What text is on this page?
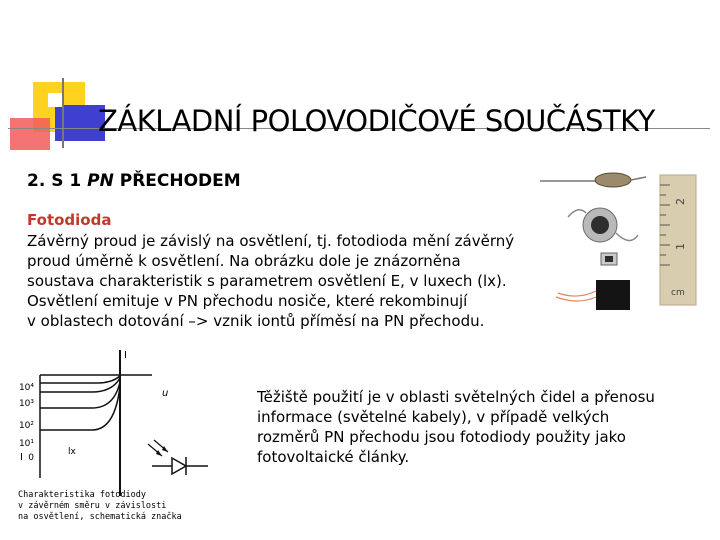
ZÁKLADNÍ POLOVODIČOVÉ SOUČÁSTKY
2. S 1 PN PŘECHODEM
Fotodioda
Závěrný proud je závislý na osvětlení, tj. fotodioda mění závěrný
proud úměrně k osvětlení. Na obrázku dole je znázorněna
soustava charakteristik s parametrem osvětlení E, v luxech (lx).
Osvětlení emituje v PN přechodu nosiče, které rekombinují
v oblastech dotování –> vznik iontů příměsí na PN přechodu.
2
1
cm
10⁴
10³
10²
10¹
0
I
u
I	lx
Charakteristika fotodiody
v závěrném směru v závislosti
na osvětlení, schematická značka
Těžiště použití je v oblasti světelných čidel a přenosu
informace (světelné kabely), v případě velkých
rozměrů PN přechodu jsou fotodiody použity jako
fotovoltaické články.
